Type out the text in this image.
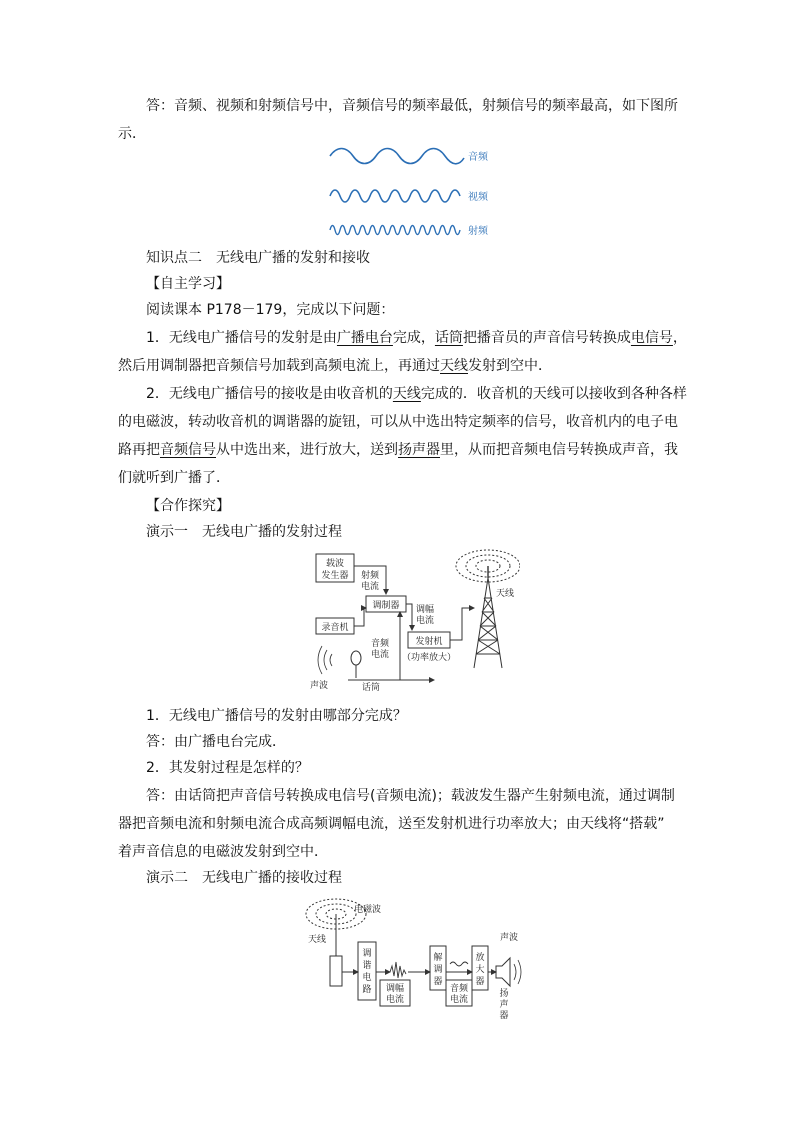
答：音频、视频和射频信号中，音频信号的频率最低，射频信号的频率最高，如下图所
示．
音频
视频
射频
知识点二　无线电广播的发射和接收
【自主学习】
阅读课本 P178－179，完成以下问题：
1．无线电广播信号的发射是由广播电台完成，话筒把播音员的声音信号转换成电信号，
然后用调制器把音频信号加载到高频电流上，再通过天线发射到空中．
2．无线电广播信号的接收是由收音机的天线完成的．收音机的天线可以接收到各种各样
的电磁波，转动收音机的调谐器的旋钮，可以从中选出特定频率的信号，收音机内的电子电
路再把音频信号从中选出来，进行放大，送到扬声器里，从而把音频电信号转换成声音，我
们就听到广播了．
【合作探究】
演示一　无线电广播的发射过程
载波
发生器 射频
电流
调制器 调幅
电流
录音机
音频
电流
发射机
（功率放大）
天线
声波	话筒
1．无线电广播信号的发射由哪部分完成？
答：由广播电台完成．
2．其发射过程是怎样的？
答：由话筒把声音信号转换成电信号(音频电流)；载波发生器产生射频电流，通过调制
器把音频电流和射频电流合成高频调幅电流，送至发射机进行功率放大；由天线将“搭载”
着声音信息的电磁波发射到空中．
演示二　无线电广播的接收过程
电磁波
天线
调
谐
电
路 调幅
电流
解
调
器
音频
电流
放
大
器
声波
扬
声
器
